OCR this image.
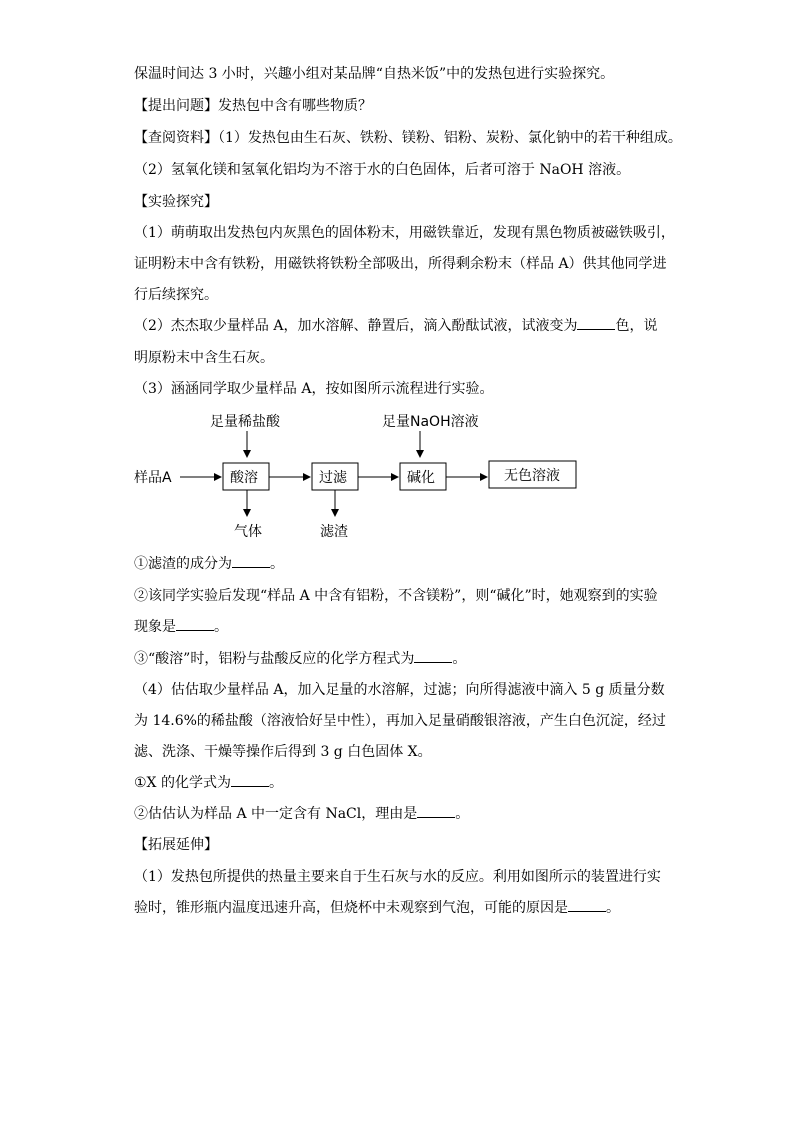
保温时间达 3 小时，兴趣小组对某品牌“自热米饭”中的发热包进行实验探究。
【提出问题】发热包中含有哪些物质？
【查阅资料】（1）发热包由生石灰、铁粉、镁粉、铝粉、炭粉、氯化钠中的若干种组成。
（2）氢氧化镁和氢氧化铝均为不溶于水的白色固体，后者可溶于 NaOH 溶液。
【实验探究】
（1）萌萌取出发热包内灰黑色的固体粉末，用磁铁靠近，发现有黑色物质被磁铁吸引，
证明粉末中含有铁粉，用磁铁将铁粉全部吸出，所得剩余粉末（样品 A）供其他同学进
行后续探究。
（2）杰杰取少量样品 A，加水溶解、静置后，滴入酚酞试液，试液变为	色，说
明原粉末中含生石灰。
（3）涵涵同学取少量样品 A，按如图所示流程进行实验。
足量稀盐酸	足量NaOH溶液
样品A	酸溶	过滤	碱化	无色溶液
气体	滤渣
①滤渣的成分为	。
②该同学实验后发现“样品 A 中含有铝粉，不含镁粉”，则“碱化”时，她观察到的实验
现象是	。
③“酸溶”时，铝粉与盐酸反应的化学方程式为	。
（4）估估取少量样品 A，加入足量的水溶解，过滤；向所得滤液中滴入 5 g 质量分数
为 14.6%的稀盐酸（溶液恰好呈中性），再加入足量硝酸银溶液，产生白色沉淀，经过
滤、洗涤、干燥等操作后得到 3 g 白色固体 X。
①X 的化学式为	。
②估估认为样品 A 中一定含有 NaCl，理由是	。
【拓展延伸】
（1）发热包所提供的热量主要来自于生石灰与水的反应。利用如图所示的装置进行实
验时，锥形瓶内温度迅速升高，但烧杯中未观察到气泡，可能的原因是	。
